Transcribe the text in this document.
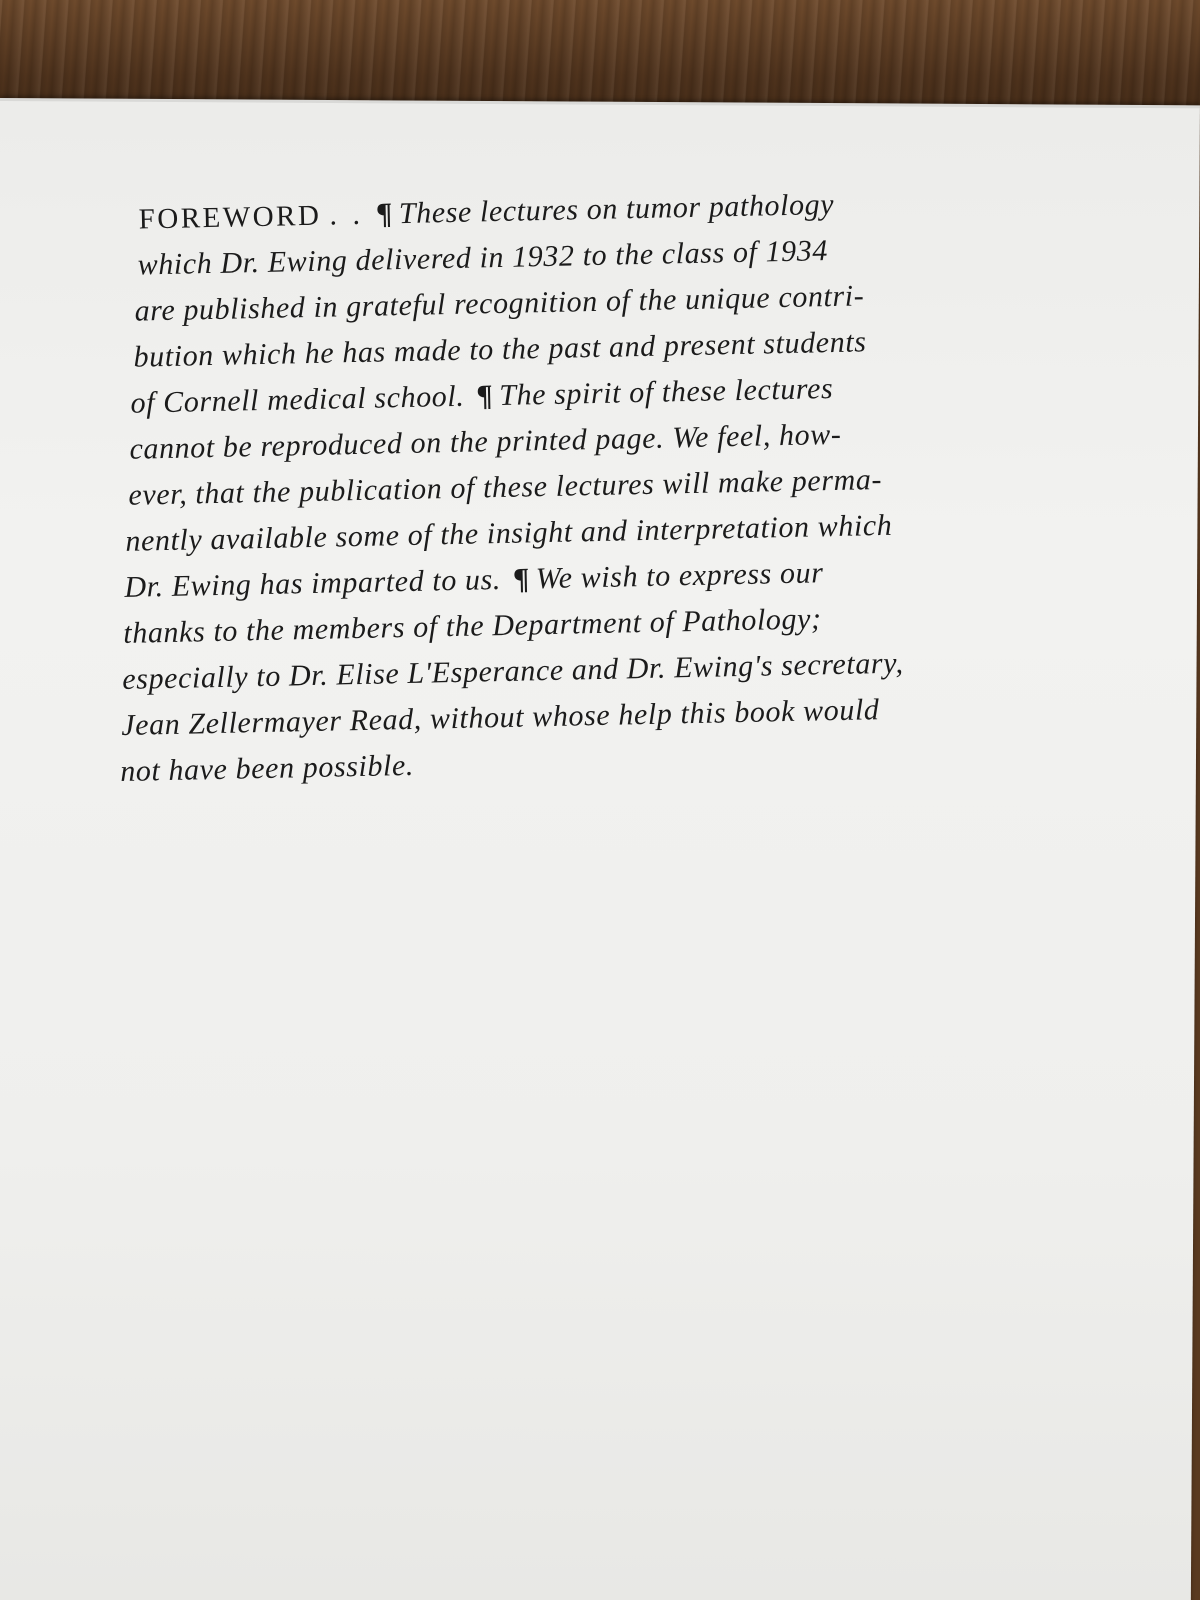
FOREWORD . . ¶ These lectures on tumor pathology
which Dr. Ewing delivered in 1932 to the class of 1934
are published in grateful recognition of the unique contri-
bution which he has made to the past and present students
of Cornell medical school. ¶ The spirit of these lectures
cannot be reproduced on the printed page. We feel, how-
ever, that the publication of these lectures will make perma-
nently available some of the insight and interpretation which
Dr. Ewing has imparted to us. ¶ We wish to express our
thanks to the members of the Department of Pathology;
especially to Dr. Elise L'Esperance and Dr. Ewing's secretary,
Jean Zellermayer Read, without whose help this book would
not have been possible.
